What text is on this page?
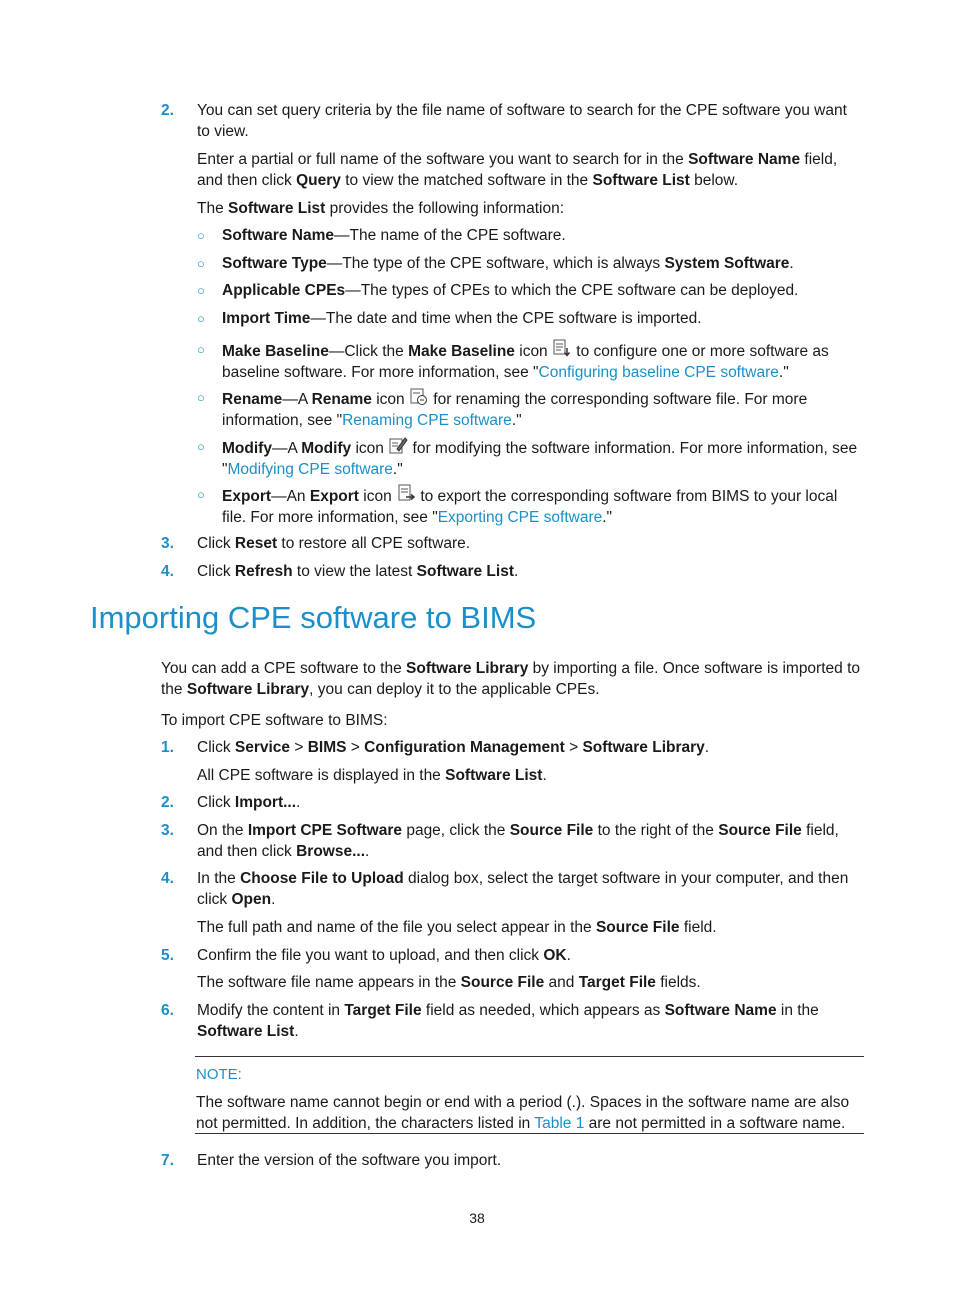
2. You can set query criteria by the file name of software to search for the CPE software you want to view.
Enter a partial or full name of the software you want to search for in the Software Name field, and then click Query to view the matched software in the Software List below.
The Software List provides the following information:
○ Software Name—The name of the CPE software.
○ Software Type—The type of the CPE software, which is always System Software.
○ Applicable CPEs—The types of CPEs to which the CPE software can be deployed.
○ Import Time—The date and time when the CPE software is imported.
○ Make Baseline—Click the Make Baseline icon  to configure one or more software as baseline software. For more information, see "Configuring baseline CPE software."
○ Rename—A Rename icon  for renaming the corresponding software file. For more information, see "Renaming CPE software."
○ Modify—A Modify icon  for modifying the software information. For more information, see "Modifying CPE software."
○ Export—An Export icon  to export the corresponding software from BIMS to your local file. For more information, see "Exporting CPE software."
3. Click Reset to restore all CPE software.
4. Click Refresh to view the latest Software List.
Importing CPE software to BIMS
You can add a CPE software to the Software Library by importing a file. Once software is imported to the Software Library, you can deploy it to the applicable CPEs.
To import CPE software to BIMS:
1. Click Service > BIMS > Configuration Management > Software Library.
All CPE software is displayed in the Software List.
2. Click Import....
3. On the Import CPE Software page, click the Source File to the right of the Source File field, and then click Browse....
4. In the Choose File to Upload dialog box, select the target software in your computer, and then click Open.
The full path and name of the file you select appear in the Source File field.
5. Confirm the file you want to upload, and then click OK.
The software file name appears in the Source File and Target File fields.
6. Modify the content in Target File field as needed, which appears as Software Name in the Software List.
NOTE:
The software name cannot begin or end with a period (.). Spaces in the software name are also not permitted. In addition, the characters listed in Table 1 are not permitted in a software name.
7. Enter the version of the software you import.
38
